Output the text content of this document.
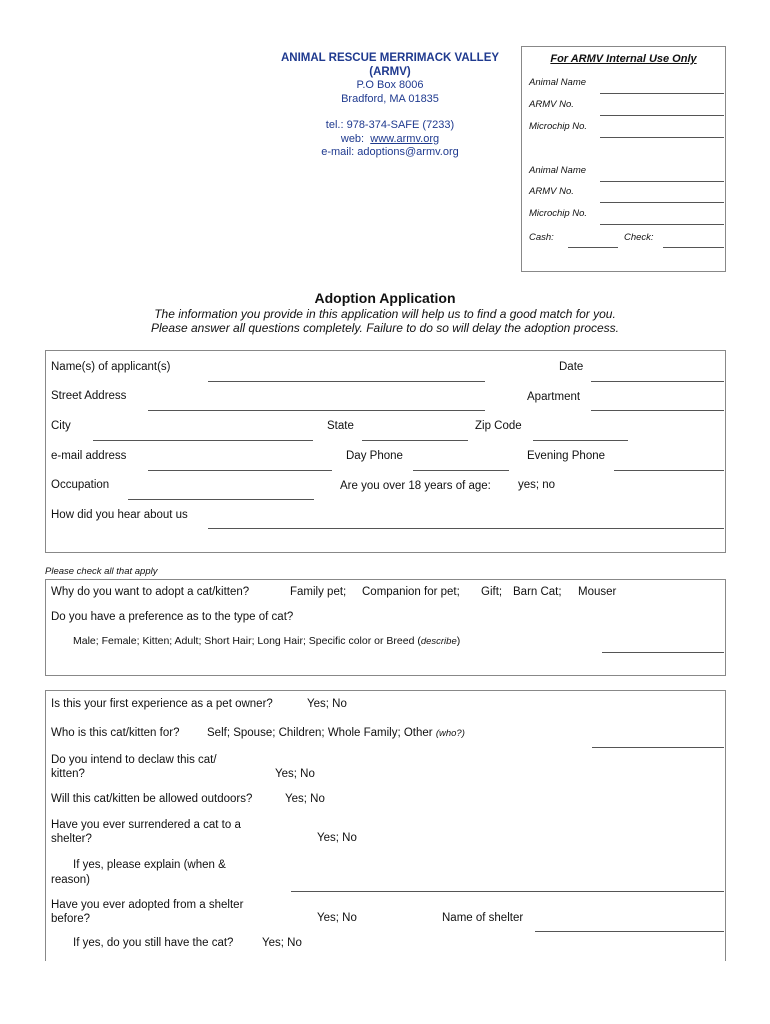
ANIMAL RESCUE MERRIMACK VALLEY
(ARMV)
P.O Box 8006
Bradford, MA 01835
tel.: 978-374-SAFE (7233)
web: www.armv.org
e-mail: adoptions@armv.org
For ARMV Internal Use Only
Animal Name
ARMV No.
Microchip No.
Animal Name
ARMV No.
Microchip No.
Cash:	Check:
Adoption Application
The information you provide in this application will help us to find a good match for you.
Please answer all questions completely. Failure to do so will delay the adoption process.
Name(s) of applicant(s)	Date
Street Address	Apartment
City	State	Zip Code
e-mail address	Day Phone	Evening Phone
Occupation	Are you over 18 years of age: yes; no
How did you hear about us
Please check all that apply
Why do you want to adopt a cat/kitten?	Family pet; Companion for pet; Gift; Barn Cat; Mouser
Do you have a preference as to the type of cat?
Male; Female; Kitten; Adult; Short Hair; Long Hair; Specific color or Breed (describe)
Is this your first experience as a pet owner?	Yes; No
Who is this cat/kitten for? Self; Spouse; Children; Whole Family; Other (who?)
Do you intend to declaw this cat/
kitten?	Yes; No
Will this cat/kitten be allowed outdoors?	Yes; No
Have you ever surrendered a cat to a
shelter?	Yes; No
If yes, please explain (when &
reason)
Have you ever adopted from a shelter
before?	Yes; No	Name of shelter
If yes, do you still have the cat? Yes; No
